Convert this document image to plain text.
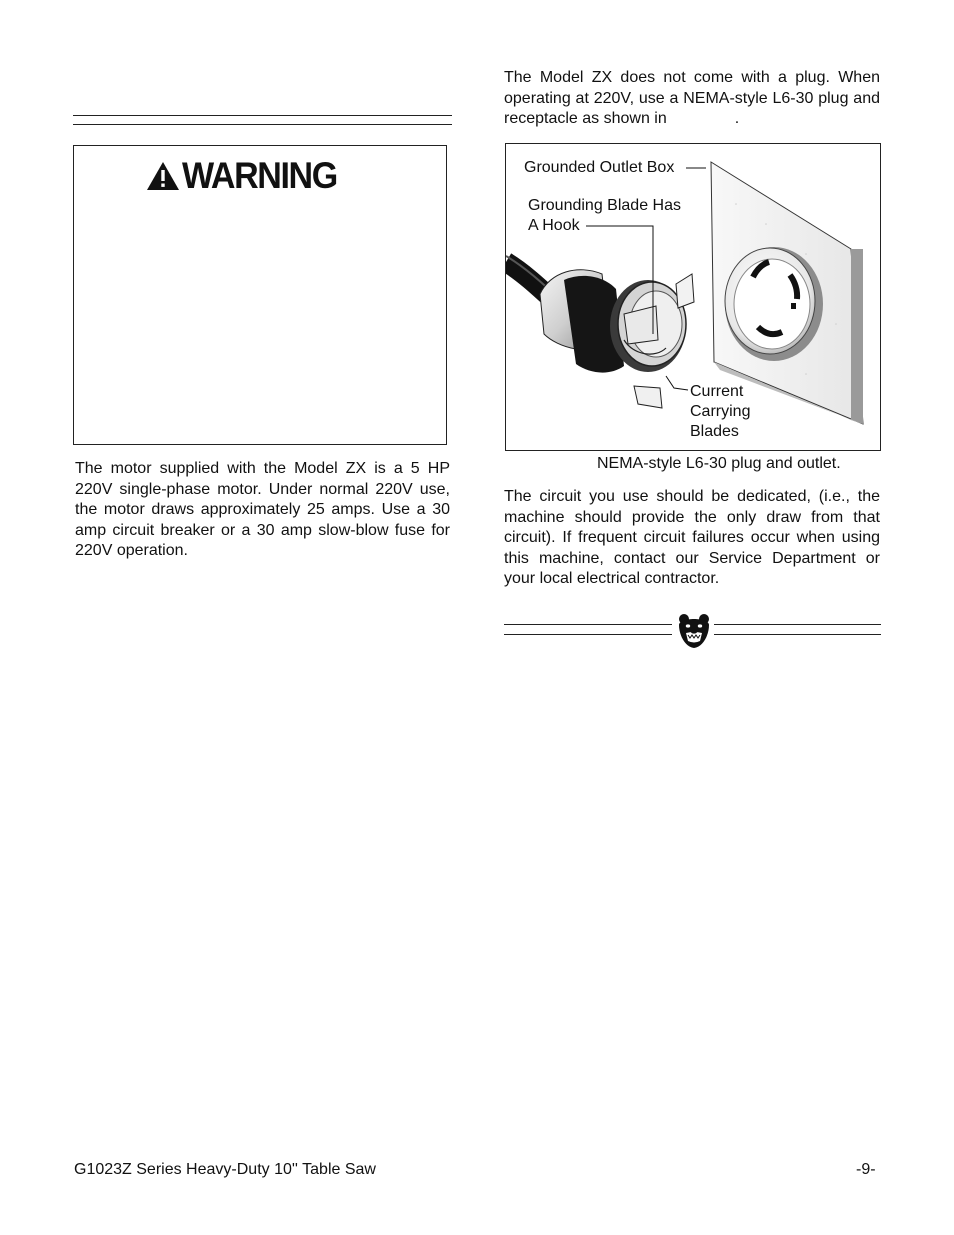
WARNING

The motor supplied with the Model ZX is a 5 HP 220V single-phase motor. Under normal 220V use, the motor draws approximately 25 amps. Use a 30 amp circuit breaker or a 30 amp slow-blow fuse for 220V operation.

The Model ZX does not come with a plug. When operating at 220V, use a NEMA-style L6-30 plug and receptacle as shown in	.

Grounded Outlet Box
Grounding Blade Has
A Hook
Current
Carrying
Blades
NEMA-style L6-30 plug and outlet.

The circuit you use should be dedicated, (i.e., the machine should provide the only draw from that circuit). If frequent circuit failures occur when using this machine, contact our Service Department or your local electrical contractor.

G1023Z Series Heavy-Duty 10'' Table Saw	-9-
